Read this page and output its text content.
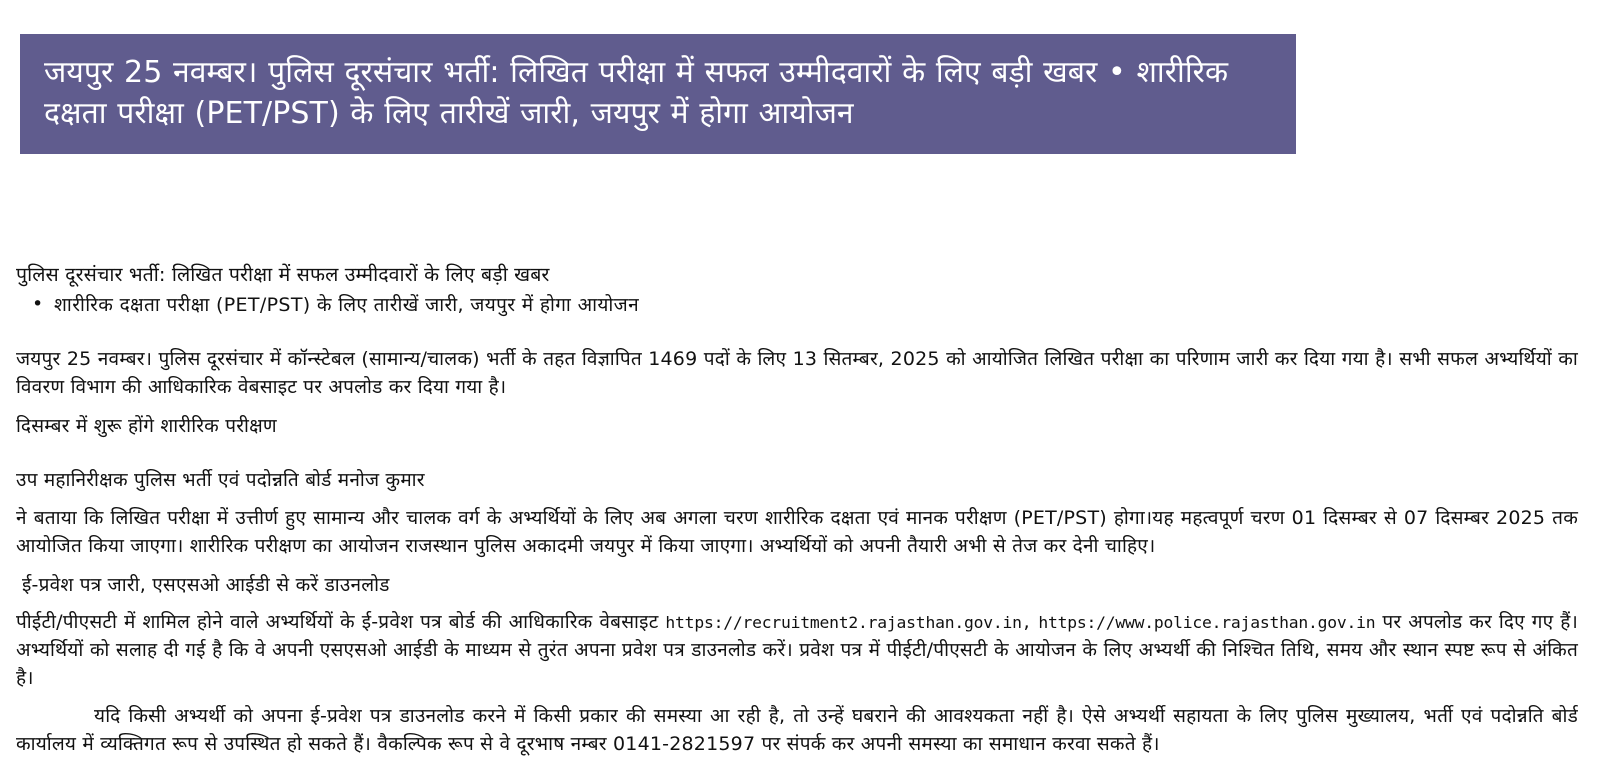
जयपुर 25 नवम्बर। पुलिस दूरसंचार भर्ती: लिखित परीक्षा में सफल उम्मीदवारों के लिए बड़ी खबर • शारीरिक दक्षता परीक्षा (PET/PST) के लिए तारीखें जारी, जयपुर में होगा आयोजन
पुलिस दूरसंचार भर्ती: लिखित परीक्षा में सफल उम्मीदवारों के लिए बड़ी खबर
• शारीरिक दक्षता परीक्षा (PET/PST) के लिए तारीखें जारी, जयपुर में होगा आयोजन

जयपुर 25 नवम्बर। पुलिस दूरसंचार में कॉन्स्टेबल (सामान्य/चालक) भर्ती के तहत विज्ञापित 1469 पदों के लिए 13 सितम्बर, 2025 को आयोजित लिखित परीक्षा का परिणाम जारी कर दिया गया है। सभी सफल अभ्यर्थियों का विवरण विभाग की आधिकारिक वेबसाइट पर अपलोड कर दिया गया है।

दिसम्बर में शुरू होंगे शारीरिक परीक्षण

उप महानिरीक्षक पुलिस भर्ती एवं पदोन्नति बोर्ड मनोज कुमार

ने बताया कि लिखित परीक्षा में उत्तीर्ण हुए सामान्य और चालक वर्ग के अभ्यर्थियों के लिए अब अगला चरण शारीरिक दक्षता एवं मानक परीक्षण (PET/PST) होगा।यह महत्वपूर्ण चरण 01 दिसम्बर से 07 दिसम्बर 2025 तक आयोजित किया जाएगा। शारीरिक परीक्षण का आयोजन राजस्थान पुलिस अकादमी जयपुर में किया जाएगा। अभ्यर्थियों को अपनी तैयारी अभी से तेज कर देनी चाहिए।

ई-प्रवेश पत्र जारी, एसएसओ आईडी से करें डाउनलोड

पीईटी/पीएसटी में शामिल होने वाले अभ्यर्थियों के ई-प्रवेश पत्र बोर्ड की आधिकारिक वेबसाइट https://recruitment2.rajasthan.gov.in, https://www.police.rajasthan.gov.in पर अपलोड कर दिए गए हैं। अभ्यर्थियों को सलाह दी गई है कि वे अपनी एसएसओ आईडी के माध्यम से तुरंत अपना प्रवेश पत्र डाउनलोड करें। प्रवेश पत्र में पीईटी/पीएसटी के आयोजन के लिए अभ्यर्थी की निश्चित तिथि, समय और स्थान स्पष्ट रूप से अंकित है।

यदि किसी अभ्यर्थी को अपना ई-प्रवेश पत्र डाउनलोड करने में किसी प्रकार की समस्या आ रही है, तो उन्हें घबराने की आवश्यकता नहीं है। ऐसे अभ्यर्थी सहायता के लिए पुलिस मुख्यालय, भर्ती एवं पदोन्नति बोर्ड कार्यालय में व्यक्तिगत रूप से उपस्थित हो सकते हैं। वैकल्पिक रूप से वे दूरभाष नम्बर 0141-2821597 पर संपर्क कर अपनी समस्या का समाधान करवा सकते हैं।
